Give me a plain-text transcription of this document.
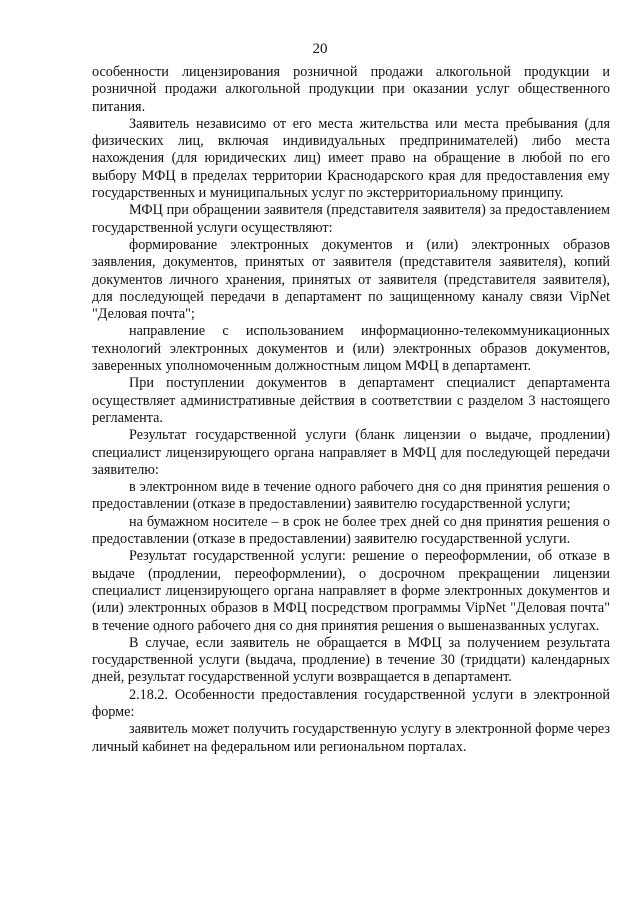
20

особенности лицензирования розничной продажи алкогольной продукции и розничной продажи алкогольной продукции при оказании услуг общественного питания.

Заявитель независимо от его места жительства или места пребывания (для физических лиц, включая индивидуальных предпринимателей) либо места нахождения (для юридических лиц) имеет право на обращение в любой по его выбору МФЦ в пределах территории Краснодарского края для предоставления ему государственных и муниципальных услуг по экстерриториальному принципу.

МФЦ при обращении заявителя (представителя заявителя) за предоставлением государственной услуги осуществляют:

формирование электронных документов и (или) электронных образов заявления, документов, принятых от заявителя (представителя заявителя), копий документов личного хранения, принятых от заявителя (представителя заявителя), для последующей передачи в департамент по защищенному каналу связи VipNet "Деловая почта";

направление с использованием информационно-телекоммуникационных технологий электронных документов и (или) электронных образов документов, заверенных уполномоченным должностным лицом МФЦ в департамент.

При поступлении документов в департамент специалист департамента осуществляет административные действия в соответствии с разделом 3 настоящего регламента.

Результат государственной услуги (бланк лицензии о выдаче, продлении) специалист лицензирующего органа направляет в МФЦ для последующей передачи заявителю:

в электронном виде в течение одного рабочего дня со дня принятия решения о предоставлении (отказе в предоставлении) заявителю государственной услуги;

на бумажном носителе – в срок не более трех дней со дня принятия решения о предоставлении (отказе в предоставлении) заявителю государственной услуги.

Результат государственной услуги: решение о переоформлении, об отказе в выдаче (продлении, переоформлении), о досрочном прекращении лицензии специалист лицензирующего органа направляет в форме электронных документов и (или) электронных образов в МФЦ посредством программы VipNet "Деловая почта" в течение одного рабочего дня со дня принятия решения о вышеназванных услугах.

В случае, если заявитель не обращается в МФЦ за получением результата государственной услуги (выдача, продление) в течение 30 (тридцати) календарных дней, результат государственной услуги возвращается в департамент.

2.18.2. Особенности предоставления государственной услуги в электронной форме:

заявитель может получить государственную услугу в электронной форме через личный кабинет на федеральном или региональном порталах.
